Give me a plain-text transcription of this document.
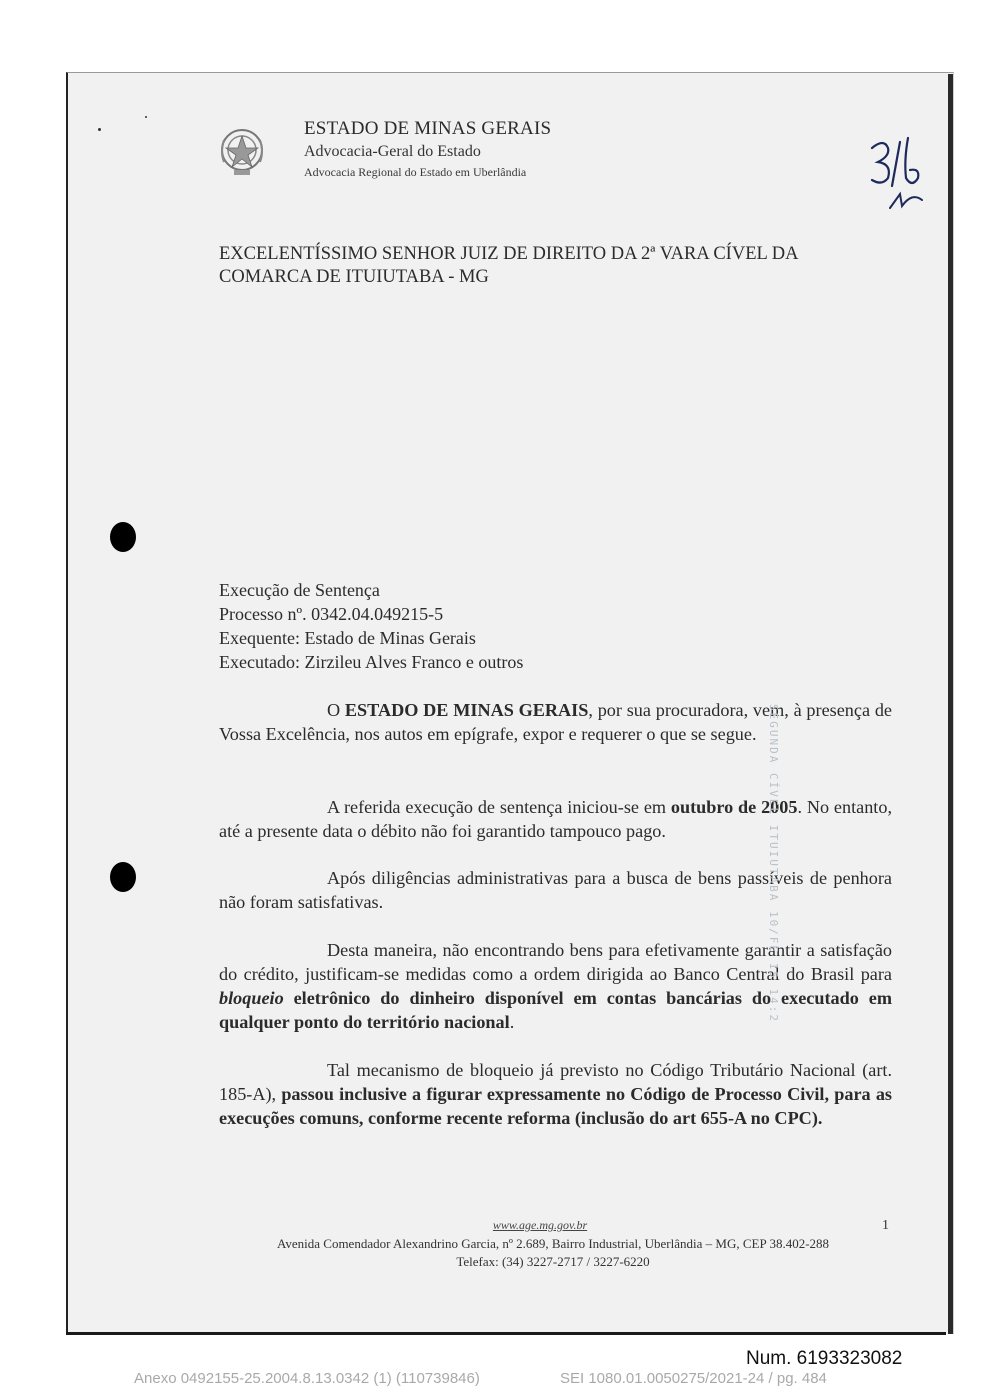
ESTADO DE MINAS GERAIS
Advocacia-Geral do Estado
Advocacia Regional do Estado em Uberlândia
EXCELENTÍSSIMO SENHOR JUIZ DE DIREITO DA 2ª VARA CÍVEL DA
COMARCA DE ITUIUTABA - MG
Execução de Sentença
Processo nº. 0342.04.049215-5
Exequente: Estado de Minas Gerais
Executado: Zirzileu Alves Franco e outros
O ESTADO DE MINAS GERAIS, por sua procuradora, vem, à presença de Vossa Excelência, nos autos em epígrafe, expor e requerer o que se segue.
A referida execução de sentença iniciou-se em outubro de 2005. No entanto, até a presente data o débito não foi garantido tampouco pago.
Após diligências administrativas para a busca de bens passíveis de penhora não foram satisfativas.
Desta maneira, não encontrando bens para efetivamente garantir a satisfação do crédito, justificam-se medidas como a ordem dirigida ao Banco Central do Brasil para bloqueio eletrônico do dinheiro disponível em contas bancárias do executado em qualquer ponto do território nacional.
Tal mecanismo de bloqueio já previsto no Código Tributário Nacional (art. 185-A), passou inclusive a figurar expressamente no Código de Processo Civil, para as execuções comuns, conforme recente reforma (inclusão do art 655-A no CPC).
SEGUNDA CÍVEL ITUIUTABA 10/FE 15 14:2
www.age.mg.gov.br
Avenida Comendador Alexandrino Garcia, nº 2.689, Bairro Industrial, Uberlândia – MG, CEP 38.402-288
Telefax: (34) 3227-2717 / 3227-6220
1
Num. 6193323082
Anexo 0492155-25.2004.8.13.0342 (1) (110739846)	SEI 1080.01.0050275/2021-24 / pg. 484
